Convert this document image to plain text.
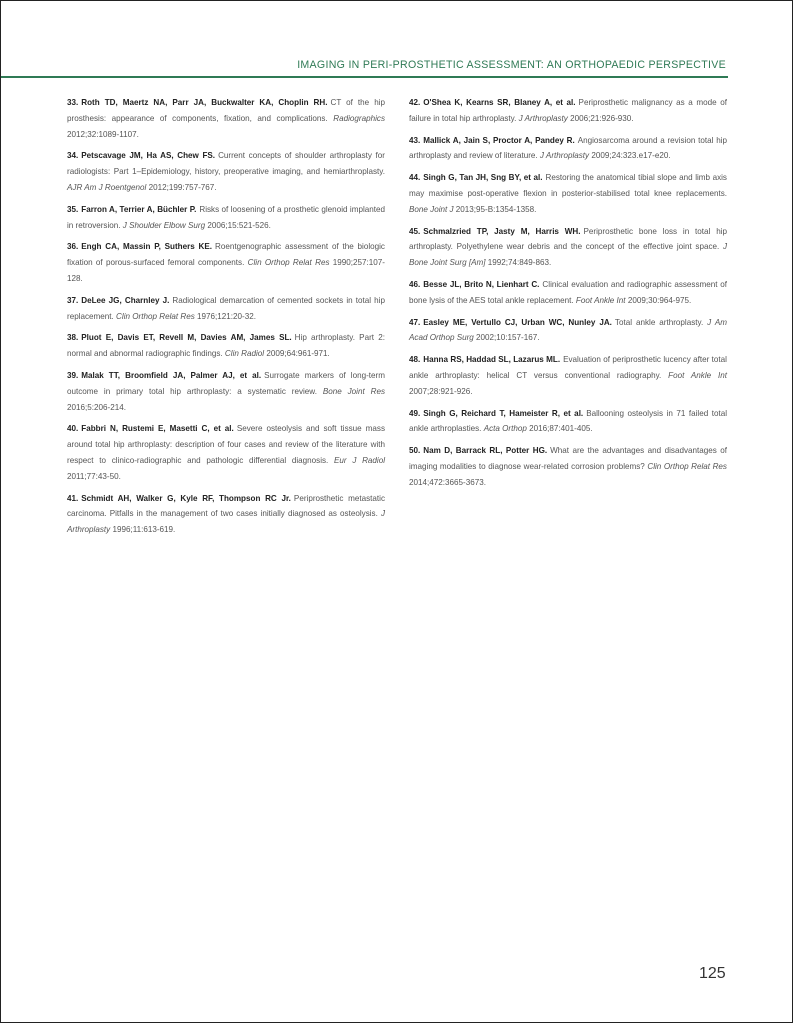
IMAGING IN PERI-PROSTHETIC ASSESSMENT: AN ORTHOPAEDIC PERSPECTIVE

33. Roth TD, Maertz NA, Parr JA, Buckwalter KA, Choplin RH. CT of the hip prosthesis: appearance of components, fixation, and complications. Radiographics 2012;32:1089-1107.

34. Petscavage JM, Ha AS, Chew FS. Current concepts of shoulder arthroplasty for radiologists: Part 1–Epidemiology, history, preoperative imaging, and hemiarthroplasty. AJR Am J Roentgenol 2012;199:757-767.

35. Farron A, Terrier A, Büchler P. Risks of loosening of a prosthetic glenoid implanted in retroversion. J Shoulder Elbow Surg 2006;15:521-526.

36. Engh CA, Massin P, Suthers KE. Roentgenographic assessment of the biologic fixation of porous-surfaced femoral components. Clin Orthop Relat Res 1990;257:107-128.

37. DeLee JG, Charnley J. Radiological demarcation of cemented sockets in total hip replacement. Clin Orthop Relat Res 1976;121:20-32.

38. Pluot E, Davis ET, Revell M, Davies AM, James SL. Hip arthroplasty. Part 2: normal and abnormal radiographic findings. Clin Radiol 2009;64:961-971.

39. Malak TT, Broomfield JA, Palmer AJ, et al. Surrogate markers of long-term outcome in primary total hip arthroplasty: a systematic review. Bone Joint Res 2016;5:206-214.

40. Fabbri N, Rustemi E, Masetti C, et al. Severe osteolysis and soft tissue mass around total hip arthroplasty: description of four cases and review of the literature with respect to clinico-radiographic and pathologic differential diagnosis. Eur J Radiol 2011;77:43-50.

41. Schmidt AH, Walker G, Kyle RF, Thompson RC Jr. Periprosthetic metastatic carcinoma. Pitfalls in the management of two cases initially diagnosed as osteolysis. J Arthroplasty 1996;11:613-619.

42. O'Shea K, Kearns SR, Blaney A, et al. Periprosthetic malignancy as a mode of failure in total hip arthroplasty. J Arthroplasty 2006;21:926-930.

43. Mallick A, Jain S, Proctor A, Pandey R. Angiosarcoma around a revision total hip arthroplasty and review of literature. J Arthroplasty 2009;24:323.e17-e20.

44. Singh G, Tan JH, Sng BY, et al. Restoring the anatomical tibial slope and limb axis may maximise post-operative flexion in posterior-stabilised total knee replacements. Bone Joint J 2013;95-B:1354-1358.

45. Schmalzried TP, Jasty M, Harris WH. Periprosthetic bone loss in total hip arthroplasty. Polyethylene wear debris and the concept of the effective joint space. J Bone Joint Surg [Am] 1992;74:849-863.

46. Besse JL, Brito N, Lienhart C. Clinical evaluation and radiographic assessment of bone lysis of the AES total ankle replacement. Foot Ankle Int 2009;30:964-975.

47. Easley ME, Vertullo CJ, Urban WC, Nunley JA. Total ankle arthroplasty. J Am Acad Orthop Surg 2002;10:157-167.

48. Hanna RS, Haddad SL, Lazarus ML. Evaluation of periprosthetic lucency after total ankle arthroplasty: helical CT versus conventional radiography. Foot Ankle Int 2007;28:921-926.

49. Singh G, Reichard T, Hameister R, et al. Ballooning osteolysis in 71 failed total ankle arthroplasties. Acta Orthop 2016;87:401-405.

50. Nam D, Barrack RL, Potter HG. What are the advantages and disadvantages of imaging modalities to diagnose wear-related corrosion problems? Clin Orthop Relat Res 2014;472:3665-3673.

125
